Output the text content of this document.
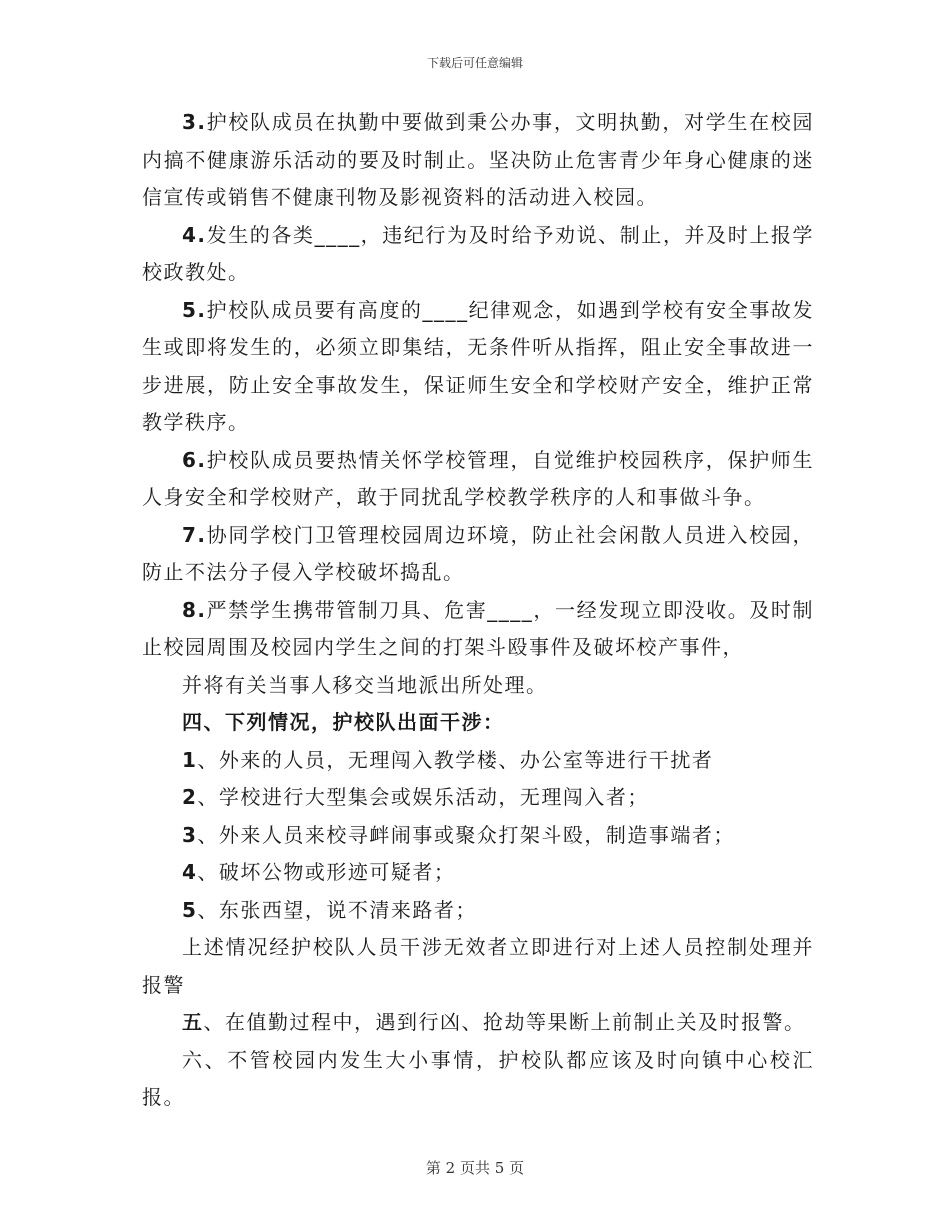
下载后可任意编辑

3.护校队成员在执勤中要做到秉公办事，文明执勤，对学生在校园内搞不健康游乐活动的要及时制止。坚决防止危害青少年身心健康的迷信宣传或销售不健康刊物及影视资料的活动进入校园。

4.发生的各类____，违纪行为及时给予劝说、制止，并及时上报学校政教处。

5.护校队成员要有高度的____纪律观念，如遇到学校有安全事故发生或即将发生的，必须立即集结，无条件听从指挥，阻止安全事故进一步进展，防止安全事故发生，保证师生安全和学校财产安全，维护正常教学秩序。

6.护校队成员要热情关怀学校管理，自觉维护校园秩序，保护师生人身安全和学校财产，敢于同扰乱学校教学秩序的人和事做斗争。

7.协同学校门卫管理校园周边环境，防止社会闲散人员进入校园，防止不法分子侵入学校破坏捣乱。

8.严禁学生携带管制刀具、危害____，一经发现立即没收。及时制止校园周围及校园内学生之间的打架斗殴事件及破坏校产事件，

并将有关当事人移交当地派出所处理。

四、下列情况，护校队出面干涉：

1、外来的人员，无理闯入教学楼、办公室等进行干扰者

2、学校进行大型集会或娱乐活动，无理闯入者；

3、外来人员来校寻衅闹事或聚众打架斗殴，制造事端者；

4、破坏公物或形迹可疑者；

5、东张西望，说不清来路者；

上述情况经护校队人员干涉无效者立即进行对上述人员控制处理并报警

五、在值勤过程中，遇到行凶、抢劫等果断上前制止关及时报警。

六、不管校园内发生大小事情，护校队都应该及时向镇中心校汇报。

第 2 页共 5 页
